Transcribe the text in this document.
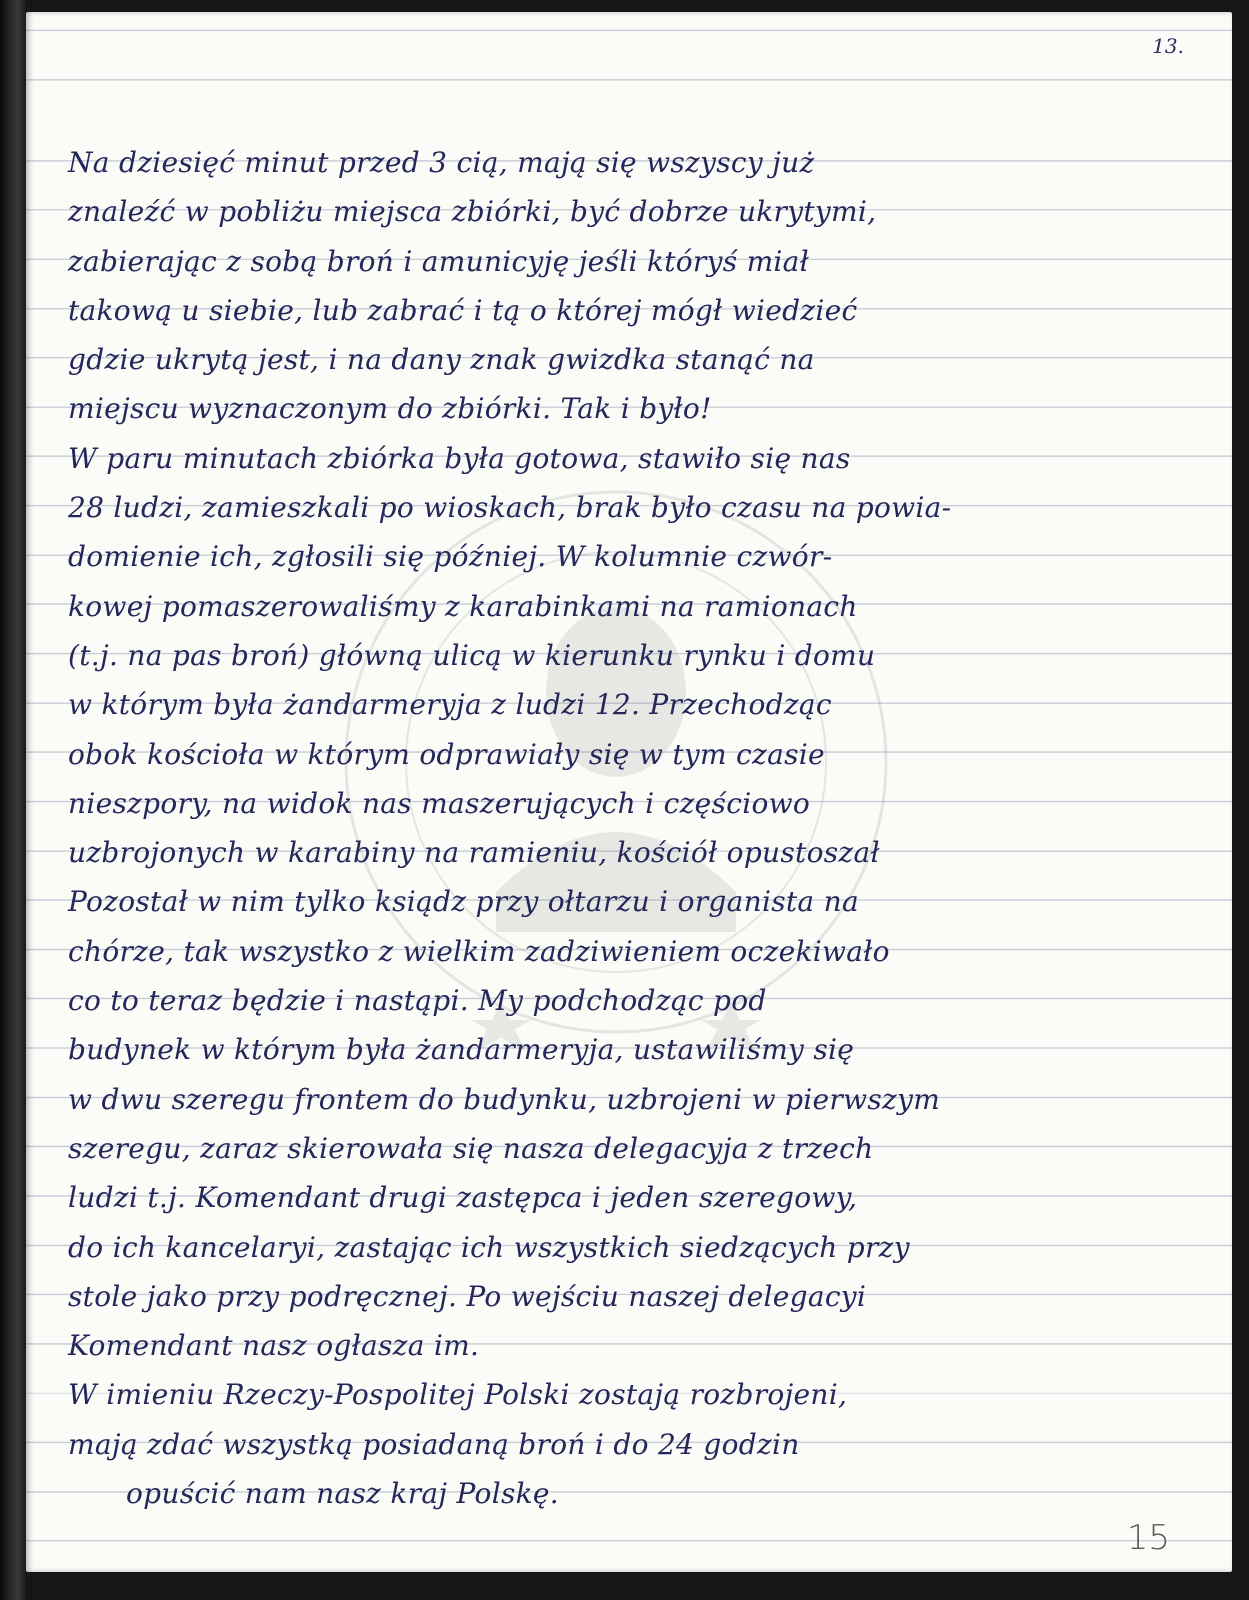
13.
Na dziesięć minut przed 3 cią, mają się wszyscy już
znaleźć w pobliżu miejsca zbiórki, być dobrze ukrytymi,
zabierając z sobą broń i amunicyję jeśli któryś miał
takową u siebie, lub zabrać i tą o której mógł wiedzieć
gdzie ukrytą jest, i na dany znak gwizdka stanąć na
miejscu wyznaczonym do zbiórki. Tak i było!
W paru minutach zbiórka była gotowa, stawiło się nas
28 ludzi, zamieszkali po wioskach, brak było czasu na powia-
domienie ich, zgłosili się później. W kolumnie czwór-
kowej pomaszerowaliśmy z karabinkami na ramionach
(t.j. na pas broń) główną ulicą w kierunku rynku i domu
w którym była żandarmeryja z ludzi 12. Przechodząc
obok kościoła w którym odprawiały się w tym czasie
nieszpory, na widok nas maszerujących i częściowo
uzbrojonych w karabiny na ramieniu, kościół opustoszał
Pozostał w nim tylko ksiądz przy ołtarzu i organista na
chórze, tak wszystko z wielkim zadziwieniem oczekiwało
co to teraz będzie i nastąpi. My podchodząc pod
budynek w którym była żandarmeryja, ustawiliśmy się
w dwu szeregu frontem do budynku, uzbrojeni w pierwszym
szeregu, zaraz skierowała się nasza delegacyja z trzech
ludzi t.j. Komendant drugi zastępca i jeden szeregowy,
do ich kancelaryi, zastając ich wszystkich siedzących przy
stole jako przy podręcznej. Po wejściu naszej delegacyi
Komendant nasz ogłasza im.
W imieniu Rzeczy-Pospolitej Polski zostają rozbrojeni,
mają zdać wszystką posiadaną broń i do 24 godzin
opuścić nam nasz kraj Polskę.
15
